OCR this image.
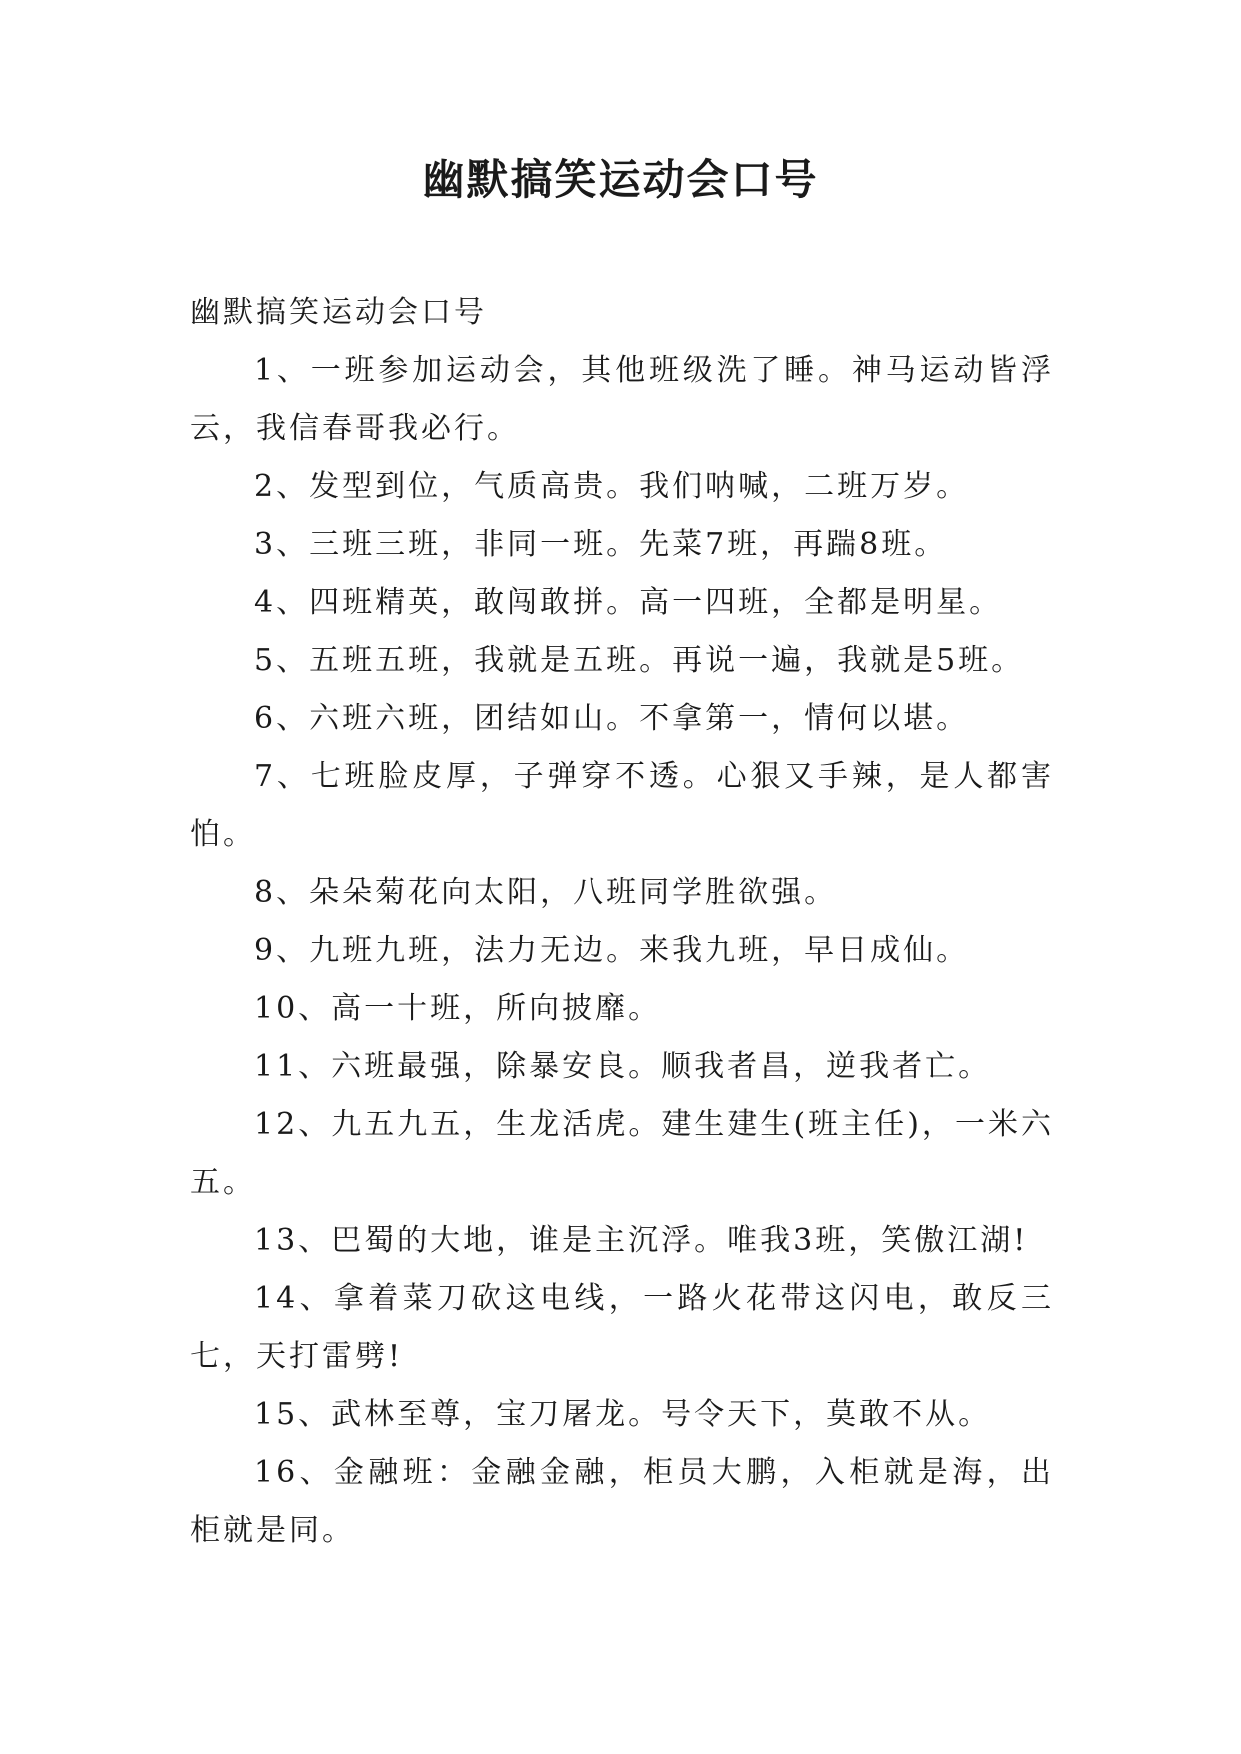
幽默搞笑运动会口号

幽默搞笑运动会口号

1、一班参加运动会，其他班级洗了睡。神马运动皆浮云，我信春哥我必行。

2、发型到位，气质高贵。我们呐喊，二班万岁。

3、三班三班，非同一班。先菜7班，再踹8班。

4、四班精英，敢闯敢拼。高一四班，全都是明星。

5、五班五班，我就是五班。再说一遍，我就是5班。

6、六班六班，团结如山。不拿第一，情何以堪。

7、七班脸皮厚，子弹穿不透。心狠又手辣，是人都害怕。

8、朵朵菊花向太阳，八班同学胜欲强。

9、九班九班，法力无边。来我九班，早日成仙。

10、高一十班，所向披靡。

11、六班最强，除暴安良。顺我者昌，逆我者亡。

12、九五九五，生龙活虎。建生建生(班主任)，一米六五。

13、巴蜀的大地，谁是主沉浮。唯我3班，笑傲江湖!

14、拿着菜刀砍这电线，一路火花带这闪电，敢反三七，天打雷劈!

15、武林至尊，宝刀屠龙。号令天下，莫敢不从。

16、金融班：金融金融，柜员大鹏，入柜就是海，出柜就是同。
